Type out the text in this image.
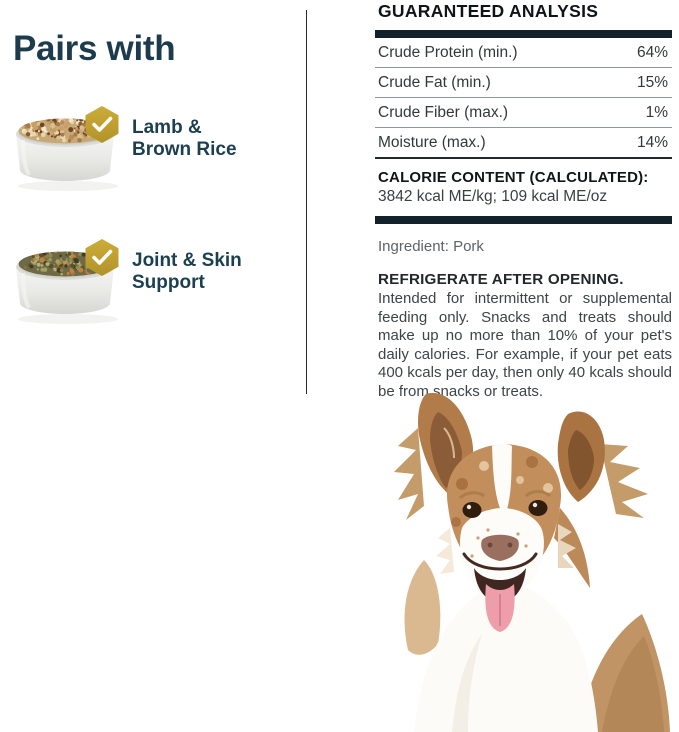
Pairs with
Lamb &
Brown Rice
Joint & Skin
Support
GUARANTEED ANALYSIS
Crude Protein (min.)	64%
Crude Fat (min.)	15%
Crude Fiber (max.)	1%
Moisture (max.)	14%
CALORIE CONTENT (CALCULATED):
3842 kcal ME/kg; 109 kcal ME/oz
Ingredient: Pork
REFRIGERATE AFTER OPENING.

Intended for intermittent or supplemental feeding only. Snacks and treats should make up no more than 10% of your pet's daily calories. For example, if your pet eats 400 kcals per day, then only 40 kcals should be from snacks or treats.
